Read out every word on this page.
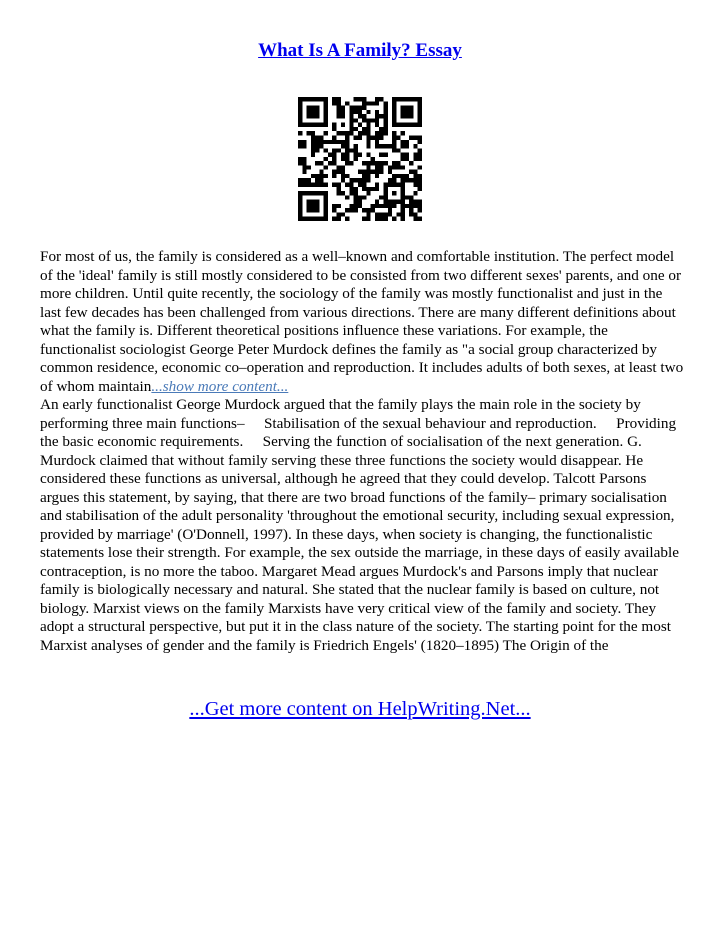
What Is A Family? Essay

For most of us, the family is considered as a well–known and comfortable institution. The perfect model of the 'ideal' family is still mostly considered to be consisted from two different sexes' parents, and one or more children. Until quite recently, the sociology of the family was mostly functionalist and just in the last few decades has been challenged from various directions. There are many different definitions about what the family is. Different theoretical positions influence these variations. For example, the functionalist sociologist George Peter Murdock defines the family as "a social group characterized by common residence, economic co–operation and reproduction. It includes adults of both sexes, at least two of whom maintain...show more content...

An early functionalist George Murdock argued that the family plays the main role in the society by performing three main functions– Stabilisation of the sexual behaviour and reproduction. Providing the basic economic requirements. Serving the function of socialisation of the next generation. G. Murdock claimed that without family serving these three functions the society would disappear. He considered these functions as universal, although he agreed that they could develop. Talcott Parsons argues this statement, by saying, that there are two broad functions of the family– primary socialisation and stabilisation of the adult personality 'throughout the emotional security, including sexual expression, provided by marriage' (O'Donnell, 1997). In these days, when society is changing, the functionalistic statements lose their strength. For example, the sex outside the marriage, in these days of easily available contraception, is no more the taboo. Margaret Mead argues Murdock's and Parsons imply that nuclear family is biologically necessary and natural. She stated that the nuclear family is based on culture, not biology. Marxist views on the family Marxists have very critical view of the family and society. They adopt a structural perspective, but put it in the class nature of the society. The starting point for the most Marxist analyses of gender and the family is Friedrich Engels' (1820–1895) The Origin of the

...Get more content on HelpWriting.Net...
